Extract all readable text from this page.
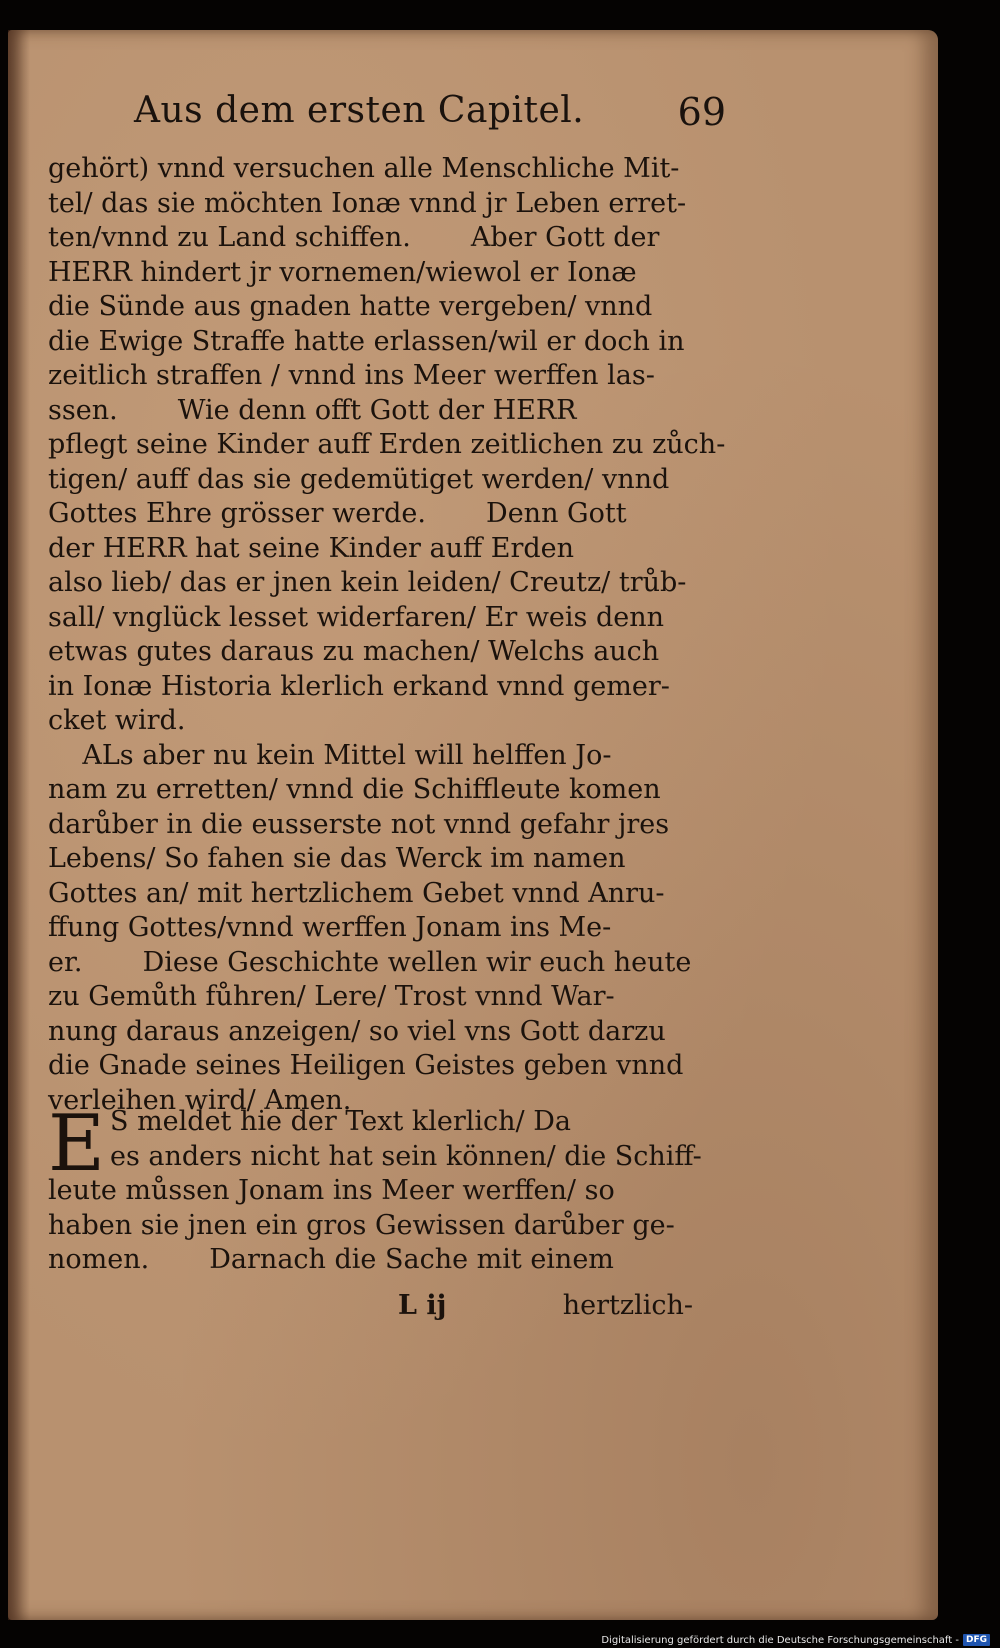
Aus dem ersten Capitel. 69
gehört) vnnd versuchen alle Menschliche Mit-
tel/ das sie möchten Ionæ vnnd jr Leben erret-
ten/vnnd zu Land schiffen.       Aber Gott der
HERR hindert jr vornemen/wiewol er Ionæ
die Sünde aus gnaden hatte vergeben/ vnnd
die Ewige Straffe hatte erlassen/wil er doch in
zeitlich straffen / vnnd ins Meer werffen las-
ssen.       Wie denn offt Gott der HERR
pflegt seine Kinder auff Erden zeitlichen zu zůch-
tigen/ auff das sie gedemütiget werden/ vnnd
Gottes Ehre grösser werde.       Denn Gott
der HERR hat seine Kinder auff Erden
also lieb/ das er jnen kein leiden/ Creutz/ trůb-
sall/ vnglück lesset widerfaren/ Er weis denn
etwas gutes daraus zu machen/ Welchs auch
in Ionæ Historia klerlich erkand vnnd gemer-
cket wird.
ALs aber nu kein Mittel will helffen Jo-
nam zu erretten/ vnnd die Schiffleute komen
darůber in die eusserste not vnnd gefahr jres
Lebens/ So fahen sie das Werck im namen
Gottes an/ mit hertzlichem Gebet vnnd Anru-
ffung Gottes/vnnd werffen Jonam ins Me-
er.       Diese Geschichte wellen wir euch heute
zu Gemůth fůhren/ Lere/ Trost vnnd War-
nung daraus anzeigen/ so viel vns Gott darzu
die Gnade seines Heiligen Geistes geben vnnd
verleihen wird/ Amen.
E S meldet hie der Text klerlich/ Da
es anders nicht hat sein können/ die Schiff-
leute můssen Jonam ins Meer werffen/ so
haben sie jnen ein gros Gewissen darůber ge-
nomen.       Darnach die Sache mit einem
L ij	hertzlich-
Digitalisierung gefördert durch die Deutsche Forschungsgemeinschaft - DFG
